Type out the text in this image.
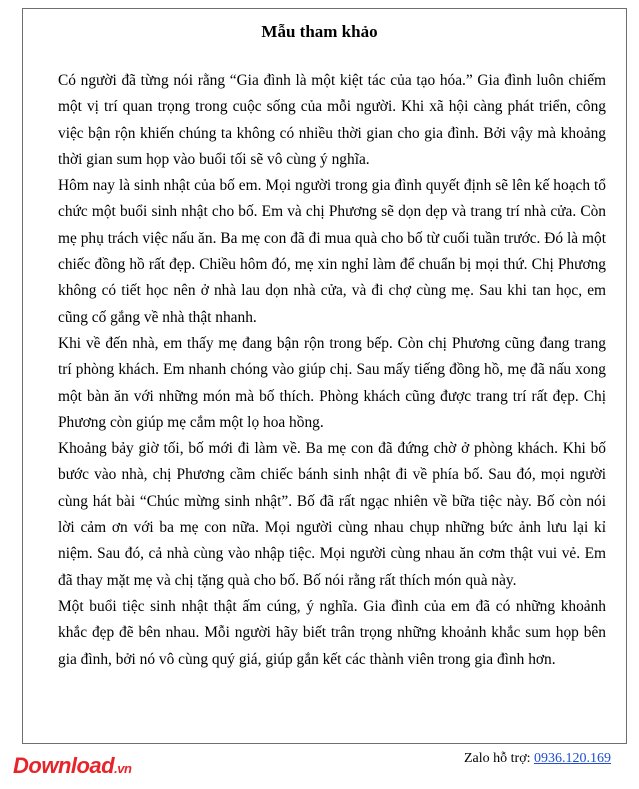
Mẫu tham khảo

Có người đã từng nói rằng “Gia đình là một kiệt tác của tạo hóa.” Gia đình luôn chiếm một vị trí quan trọng trong cuộc sống của mỗi người. Khi xã hội càng phát triển, công việc bận rộn khiến chúng ta không có nhiều thời gian cho gia đình. Bởi vậy mà khoảng thời gian sum họp vào buổi tối sẽ vô cùng ý nghĩa.

Hôm nay là sinh nhật của bố em. Mọi người trong gia đình quyết định sẽ lên kế hoạch tổ chức một buổi sinh nhật cho bố. Em và chị Phương sẽ dọn dẹp và trang trí nhà cửa. Còn mẹ phụ trách việc nấu ăn. Ba mẹ con đã đi mua quà cho bố từ cuối tuần trước. Đó là một chiếc đồng hồ rất đẹp. Chiều hôm đó, mẹ xin nghỉ làm để chuẩn bị mọi thứ. Chị Phương không có tiết học nên ở nhà lau dọn nhà cửa, và đi chợ cùng mẹ. Sau khi tan học, em cũng cố gắng về nhà thật nhanh.

Khi về đến nhà, em thấy mẹ đang bận rộn trong bếp. Còn chị Phương cũng đang trang trí phòng khách. Em nhanh chóng vào giúp chị. Sau mấy tiếng đồng hồ, mẹ đã nấu xong một bàn ăn với những món mà bố thích. Phòng khách cũng được trang trí rất đẹp. Chị Phương còn giúp mẹ cắm một lọ hoa hồng.

Khoảng bảy giờ tối, bố mới đi làm về. Ba mẹ con đã đứng chờ ở phòng khách. Khi bố bước vào nhà, chị Phương cầm chiếc bánh sinh nhật đi về phía bố. Sau đó, mọi người cùng hát bài “Chúc mừng sinh nhật”. Bố đã rất ngạc nhiên về bữa tiệc này. Bố còn nói lời cảm ơn với ba mẹ con nữa. Mọi người cùng nhau chụp những bức ảnh lưu lại kỉ niệm. Sau đó, cả nhà cùng vào nhập tiệc. Mọi người cùng nhau ăn cơm thật vui vẻ. Em đã thay mặt mẹ và chị tặng quà cho bố. Bố nói rằng rất thích món quà này.

Một buổi tiệc sinh nhật thật ấm cúng, ý nghĩa. Gia đình của em đã có những khoảnh khắc đẹp đẽ bên nhau. Mỗi người hãy biết trân trọng những khoảnh khắc sum họp bên gia đình, bởi nó vô cùng quý giá, giúp gắn kết các thành viên trong gia đình hơn.

Download.vn
Zalo hỗ trợ: 0936.120.169
